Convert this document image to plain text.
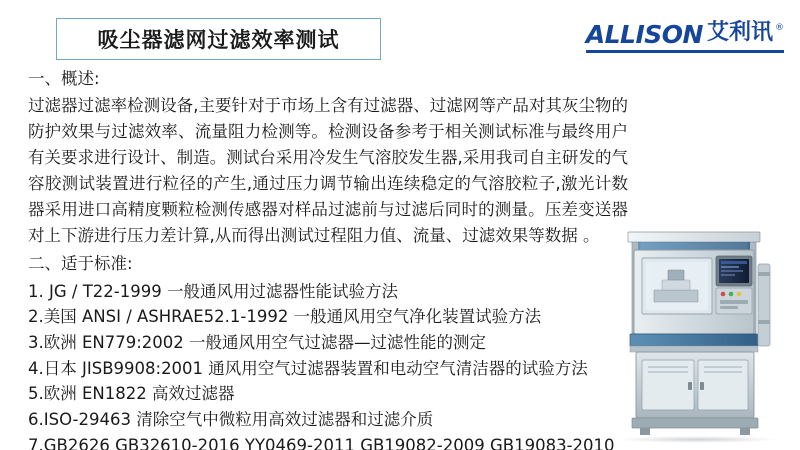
吸尘器滤网过滤效率测试	ALLISON 艾利讯 ®
一、概述:

过滤器过滤率检测设备,主要针对于市场上含有过滤器、过滤网等产品对其灰尘物的防护效果与过滤效率、流量阻力检测等。检测设备参考于相关测试标准与最终用户有关要求进行设计、制造。测试台采用冷发生气溶胶发生器,采用我司自主研发的气容胶测试装置进行粒径的产生,通过压力调节输出连续稳定的气溶胶粒子,激光计数器采用进口高精度颗粒检测传感器对样品过滤前与过滤后同时的测量。压差变送器对上下游进行压力差计算,从而得出测试过程阻力值、流量、过滤效果等数据 。

二、适于标准:
1. JG / T22-1999 一般通风用过滤器性能试验方法
2.美国 ANSI / ASHRAE52.1-1992 一般通风用空气净化装置试验方法
3.欧洲 EN779:2002 一般通风用空气过滤器—过滤性能的测定
4.日本 JISB9908:2001 通风用空气过滤器装置和电动空气清洁器的试验方法
5.欧洲 EN1822 高效过滤器
6.ISO-29463 清除空气中微粒用高效过滤器和过滤介质
7.GB2626 GB32610-2016 YY0469-2011 GB19082-2009 GB19083-2010
